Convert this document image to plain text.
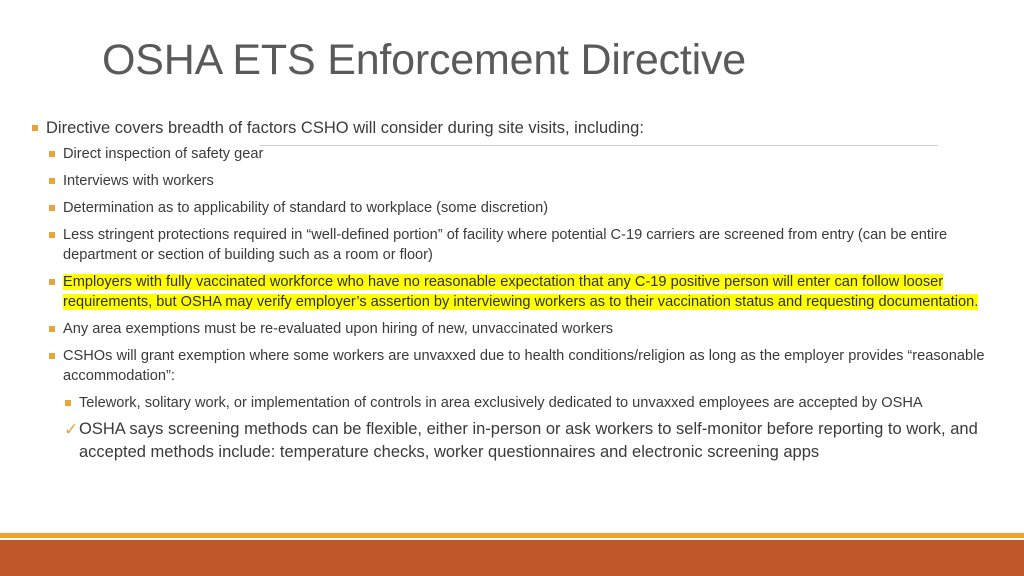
OSHA ETS Enforcement Directive
Directive covers breadth of factors CSHO will consider during site visits, including:
Direct inspection of safety gear
Interviews with workers
Determination as to applicability of standard to workplace (some discretion)
Less stringent protections required in “well-defined portion” of facility where potential C-19 carriers are screened from entry (can be entire department or section of building such as a room or floor)
Employers with fully vaccinated workforce who have no reasonable expectation that any C-19 positive person will enter can follow looser requirements, but OSHA may verify employer’s assertion by interviewing workers as to their vaccination status and requesting documentation.
Any area exemptions must be re-evaluated upon hiring of new, unvaccinated workers
CSHOs will grant exemption where some workers are unvaxxed due to health conditions/religion as long as the employer provides “reasonable accommodation”:
Telework, solitary work, or implementation of controls in area exclusively dedicated to unvaxxed employees are accepted by OSHA
✓ OSHA says screening methods can be flexible, either in-person or ask workers to self-monitor before reporting to work, and accepted methods include: temperature checks, worker questionnaires and electronic screening apps
